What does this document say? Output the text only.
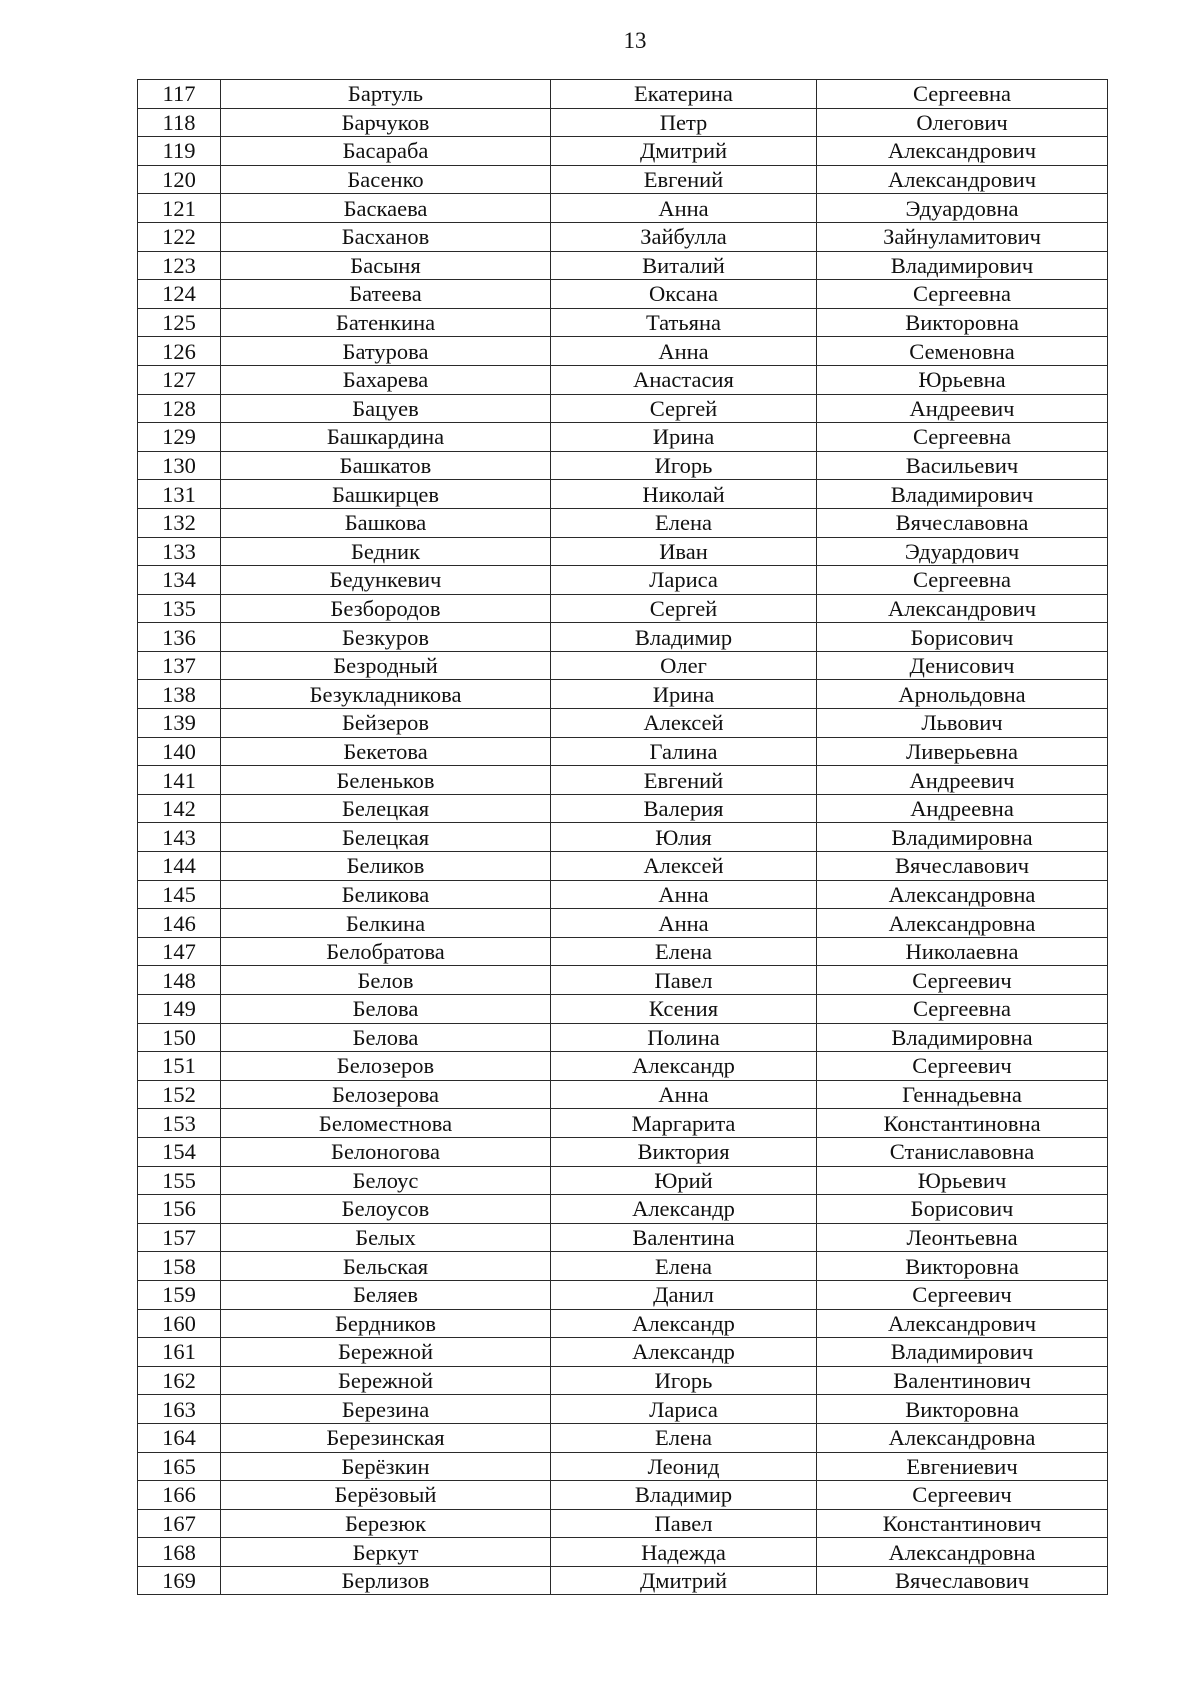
13
117	Бартуль	Екатерина	Сергеевна
118	Барчуков	Петр	Олегович
119	Басараба	Дмитрий	Александрович
120	Басенко	Евгений	Александрович
121	Баскаева	Анна	Эдуардовна
122	Басханов	Зайбулла	Зайнуламитович
123	Басыня	Виталий	Владимирович
124	Батеева	Оксана	Сергеевна
125	Батенкина	Татьяна	Викторовна
126	Батурова	Анна	Семеновна
127	Бахарева	Анастасия	Юрьевна
128	Бацуев	Сергей	Андреевич
129	Башкардина	Ирина	Сергеевна
130	Башкатов	Игорь	Васильевич
131	Башкирцев	Николай	Владимирович
132	Башкова	Елена	Вячеславовна
133	Бедник	Иван	Эдуардович
134	Бедункевич	Лариса	Сергеевна
135	Безбородов	Сергей	Александрович
136	Безкуров	Владимир	Борисович
137	Безродный	Олег	Денисович
138	Безукладникова	Ирина	Арнольдовна
139	Бейзеров	Алексей	Львович
140	Бекетова	Галина	Ливерьевна
141	Беленьков	Евгений	Андреевич
142	Белецкая	Валерия	Андреевна
143	Белецкая	Юлия	Владимировна
144	Беликов	Алексей	Вячеславович
145	Беликова	Анна	Александровна
146	Белкина	Анна	Александровна
147	Белобратова	Елена	Николаевна
148	Белов	Павел	Сергеевич
149	Белова	Ксения	Сергеевна
150	Белова	Полина	Владимировна
151	Белозеров	Александр	Сергеевич
152	Белозерова	Анна	Геннадьевна
153	Беломестнова	Маргарита	Константиновна
154	Белоногова	Виктория	Станиславовна
155	Белоус	Юрий	Юрьевич
156	Белоусов	Александр	Борисович
157	Белых	Валентина	Леонтьевна
158	Бельская	Елена	Викторовна
159	Беляев	Данил	Сергеевич
160	Бердников	Александр	Александрович
161	Бережной	Александр	Владимирович
162	Бережной	Игорь	Валентинович
163	Березина	Лариса	Викторовна
164	Березинская	Елена	Александровна
165	Берёзкин	Леонид	Евгениевич
166	Берёзовый	Владимир	Сергеевич
167	Березюк	Павел	Константинович
168	Беркут	Надежда	Александровна
169	Берлизов	Дмитрий	Вячеславович
